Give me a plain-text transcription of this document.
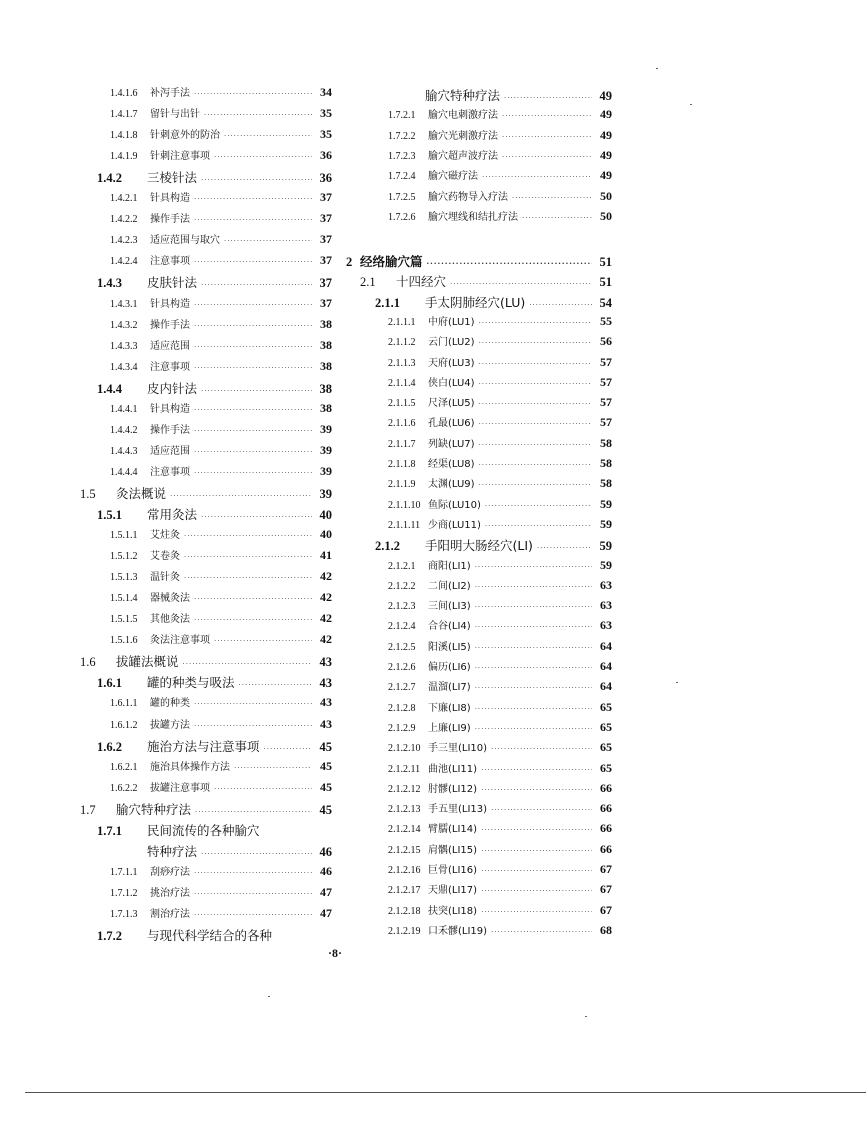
1.4.1.6	补泻手法 ·····	34
1.4.1.7	留针与出针 ·····	35
1.4.1.8	针刺意外的防治 ·····	35
1.4.1.9	针刺注意事项 ·····	36
1.4.2	三棱针法 ·····	36
1.4.2.1	针具构造 ·····	37
1.4.2.2	操作手法 ·····	37
1.4.2.3	适应范围与取穴 ·····	37
1.4.2.4	注意事项 ·····	37
1.4.3	皮肤针法 ·····	37
1.4.3.1	针具构造 ·····	37
1.4.3.2	操作手法 ·····	38
1.4.3.3	适应范围 ·····	38
1.4.3.4	注意事项 ·····	38
1.4.4	皮内针法 ·····	38
1.4.4.1	针具构造 ·····	38
1.4.4.2	操作手法 ·····	39
1.4.4.3	适应范围 ·····	39
1.4.4.4	注意事项 ·····	39
1.5	灸法概说 ·····	39
1.5.1	常用灸法 ·····	40
1.5.1.1	艾炷灸 ·····	40
1.5.1.2	艾卷灸 ·····	41
1.5.1.3	温针灸 ·····	42
1.5.1.4	器械灸法 ·····	42
1.5.1.5	其他灸法 ·····	42
1.5.1.6	灸法注意事项 ·····	42
1.6	拔罐法概说 ·····	43
1.6.1	罐的种类与吸法 ·····	43
1.6.1.1	罐的种类 ·····	43
1.6.1.2	拔罐方法 ·····	43
1.6.2	施治方法与注意事项 ·····	45
1.6.2.1	施治具体操作方法 ·····	45
1.6.2.2	拔罐注意事项 ·····	45
1.7	腧穴特种疗法 ·····	45
1.7.1	民间流传的各种腧穴
特种疗法 ·····	46
1.7.1.1	刮痧疗法 ·····	46
1.7.1.2	挑治疗法 ·····	47
1.7.1.3	割治疗法 ·····	47
1.7.2	与现代科学结合的各种
腧穴特种疗法 ·····	49
1.7.2.1	腧穴电刺激疗法 ·····	49
1.7.2.2	腧穴光刺激疗法 ·····	49
1.7.2.3	腧穴超声波疗法 ·····	49
1.7.2.4	腧穴磁疗法 ·····	49
1.7.2.5	腧穴药物导入疗法 ·····	50
1.7.2.6	腧穴埋线和结扎疗法 ·····	50
2 经络腧穴篇 ·····	51
2.1	十四经穴 ·····	51
2.1.1	手太阴肺经穴(LU) ·····	54
2.1.1.1	中府(LU1) ·····	55
2.1.1.2	云门(LU2) ·····	56
2.1.1.3	天府(LU3) ·····	57
2.1.1.4	侠白(LU4) ·····	57
2.1.1.5	尺泽(LU5) ·····	57
2.1.1.6	孔最(LU6) ·····	57
2.1.1.7	列缺(LU7) ·····	58
2.1.1.8	经渠(LU8) ·····	58
2.1.1.9	太渊(LU9) ·····	58
2.1.1.10 鱼际(LU10) ·····	59
2.1.1.11 少商(LU11) ·····	59
2.1.2	手阳明大肠经穴(LI) ·····	59
2.1.2.1	商阳(LI1) ·····	59
2.1.2.2	二间(LI2) ·····	63
2.1.2.3	三间(LI3) ·····	63
2.1.2.4	合谷(LI4) ·····	63
2.1.2.5	阳溪(LI5) ·····	64
2.1.2.6	偏历(LI6) ·····	64
2.1.2.7	温溜(LI7) ·····	64
2.1.2.8	下廉(LI8) ·····	65
2.1.2.9	上廉(LI9) ·····	65
2.1.2.10 手三里(LI10) ·····	65
2.1.2.11 曲池(LI11) ·····	65
2.1.2.12 肘髎(LI12) ·····	66
2.1.2.13 手五里(LI13) ·····	66
2.1.2.14 臂臑(LI14) ·····	66
2.1.2.15 肩髃(LI15) ·····	66
2.1.2.16 巨骨(LI16) ·····	67
2.1.2.17 天鼎(LI17) ·····	67
2.1.2.18 扶突(LI18) ·····	67
2.1.2.19 口禾髎(LI19) ·····	68
·8·
